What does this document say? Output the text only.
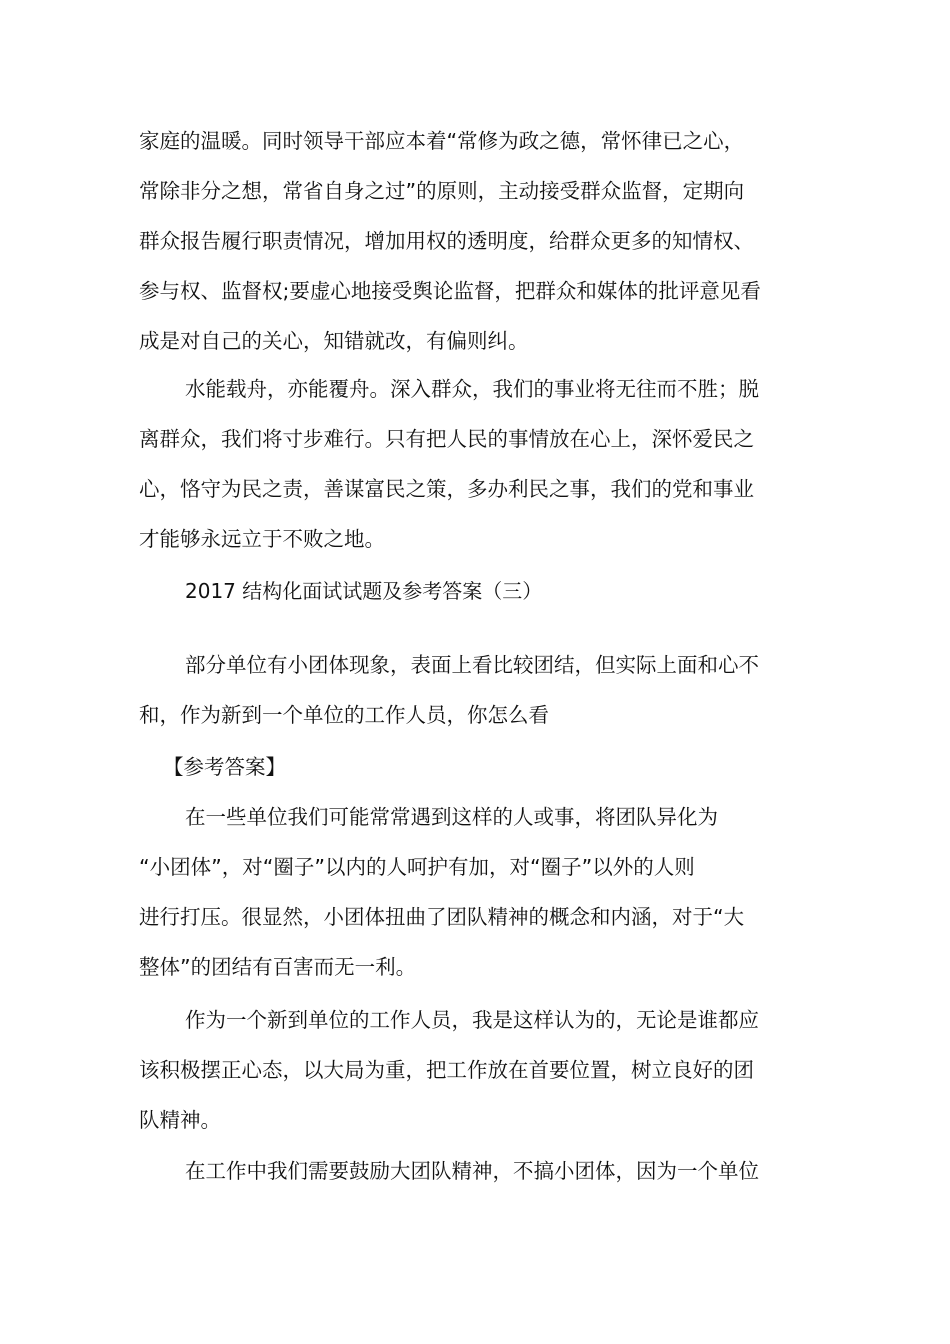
家庭的温暖。同时领导干部应本着“常修为政之德，常怀律已之心，
常除非分之想，常省自身之过”的原则，主动接受群众监督，定期向
群众报告履行职责情况，增加用权的透明度，给群众更多的知情权、
参与权、监督权;要虚心地接受舆论监督，把群众和媒体的批评意见看
成是对自己的关心，知错就改，有偏则纠。
水能载舟，亦能覆舟。深入群众，我们的事业将无往而不胜；脱
离群众，我们将寸步难行。只有把人民的事情放在心上，深怀爱民之
心，恪守为民之责，善谋富民之策，多办利民之事，我们的党和事业
才能够永远立于不败之地。
2017 结构化面试试题及参考答案（三）
部分单位有小团体现象，表面上看比较团结，但实际上面和心不
和，作为新到一个单位的工作人员，你怎么看
【参考答案】
在一些单位我们可能常常遇到这样的人或事，将团队异化为
“小团体”，对“圈子”以内的人呵护有加，对“圈子”以外的人则
进行打压。很显然，小团体扭曲了团队精神的概念和内涵，对于“大
整体”的团结有百害而无一利。
作为一个新到单位的工作人员，我是这样认为的，无论是谁都应
该积极摆正心态，以大局为重，把工作放在首要位置，树立良好的团
队精神。
在工作中我们需要鼓励大团队精神，不搞小团体，因为一个单位
